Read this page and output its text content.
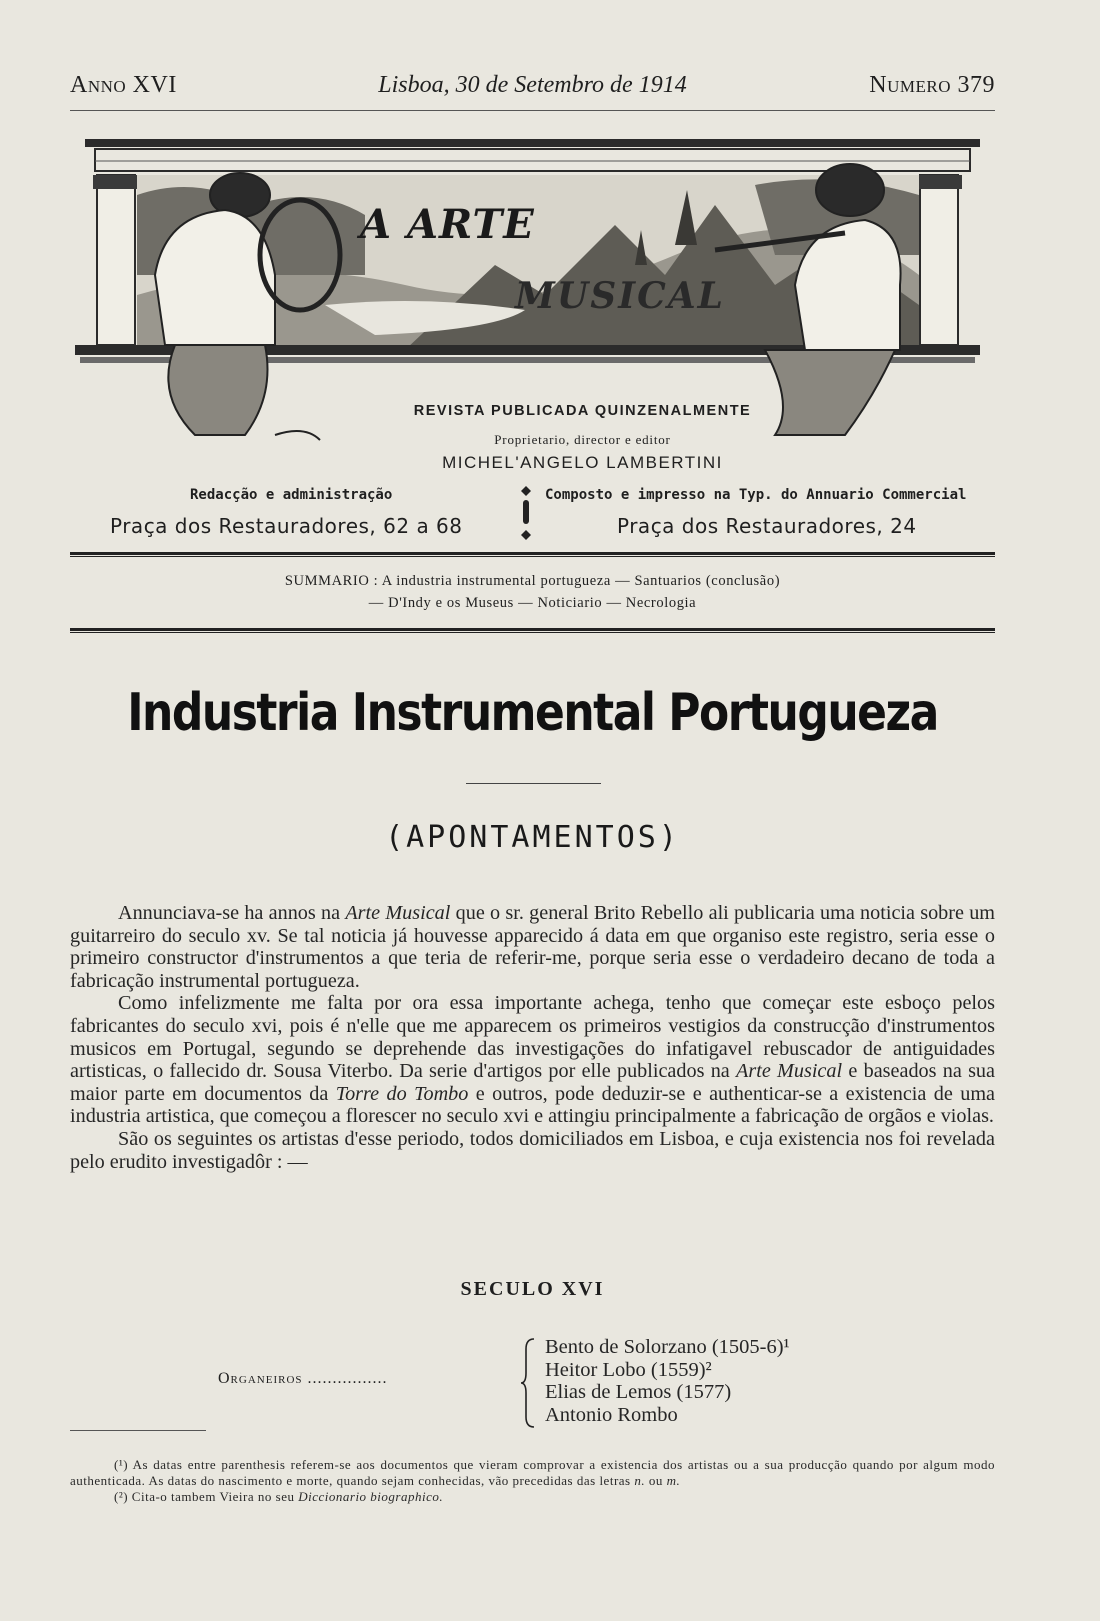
Anno XVI	Lisboa, 30 de Setembro de 1914	Numero 379
A ARTE
MUSICAL
REVISTA PUBLICADA QUINZENALMENTE
Proprietario, director e editor
MICHEL'ANGELO LAMBERTINI
Redacção e administração
Praça dos Restauradores, 62 a 68
Composto e impresso na Typ. do Annuario Commercial
Praça dos Restauradores, 24
SUMMARIO : A industria instrumental portugueza — Santuarios (conclusão)
— D'Indy e os Museus — Noticiario — Necrologia
Industria Instrumental Portugueza
(APONTAMENTOS)

Annunciava-se ha annos na Arte Musical que o sr. general Brito Rebello ali publicaria uma noticia sobre um guitarreiro do seculo xv. Se tal noticia já houvesse apparecido á data em que organiso este registro, seria esse o primeiro constructor d'instrumentos a que teria de referir-me, porque seria esse o verdadeiro decano de toda a fabricação instrumental portugueza.

Como infelizmente me falta por ora essa importante achega, tenho que começar este esboço pelos fabricantes do seculo xvi, pois é n'elle que me apparecem os primeiros vestigios da construcção d'instrumentos musicos em Portugal, segundo se deprehende das investigações do infatigavel rebuscador de antiguidades artisticas, o fallecido dr. Sousa Viterbo. Da serie d'artigos por elle publicados na Arte Musical e baseados na sua maior parte em documentos da Torre do Tombo e outros, pode deduzir-se e authenticar-se a existencia de uma industria artistica, que começou a florescer no seculo xvi e attingiu principalmente a fabricação de orgãos e violas.

São os seguintes os artistas d'esse periodo, todos domiciliados em Lisboa, e cuja existencia nos foi revelada pelo erudito investigadôr : —

SECULO XVI
Organeiros ................
Bento de Solorzano (1505-6)¹
Heitor Lobo (1559)²
Elias de Lemos (1577)
Antonio Rombo

(¹) As datas entre parenthesis referem-se aos documentos que vieram comprovar a existencia dos artistas ou a sua producção quando por algum modo authenticada. As datas do nascimento e morte, quando sejam conhecidas, vão precedidas das letras n. ou m.

(²) Cita-o tambem Vieira no seu Diccionario biographico.
